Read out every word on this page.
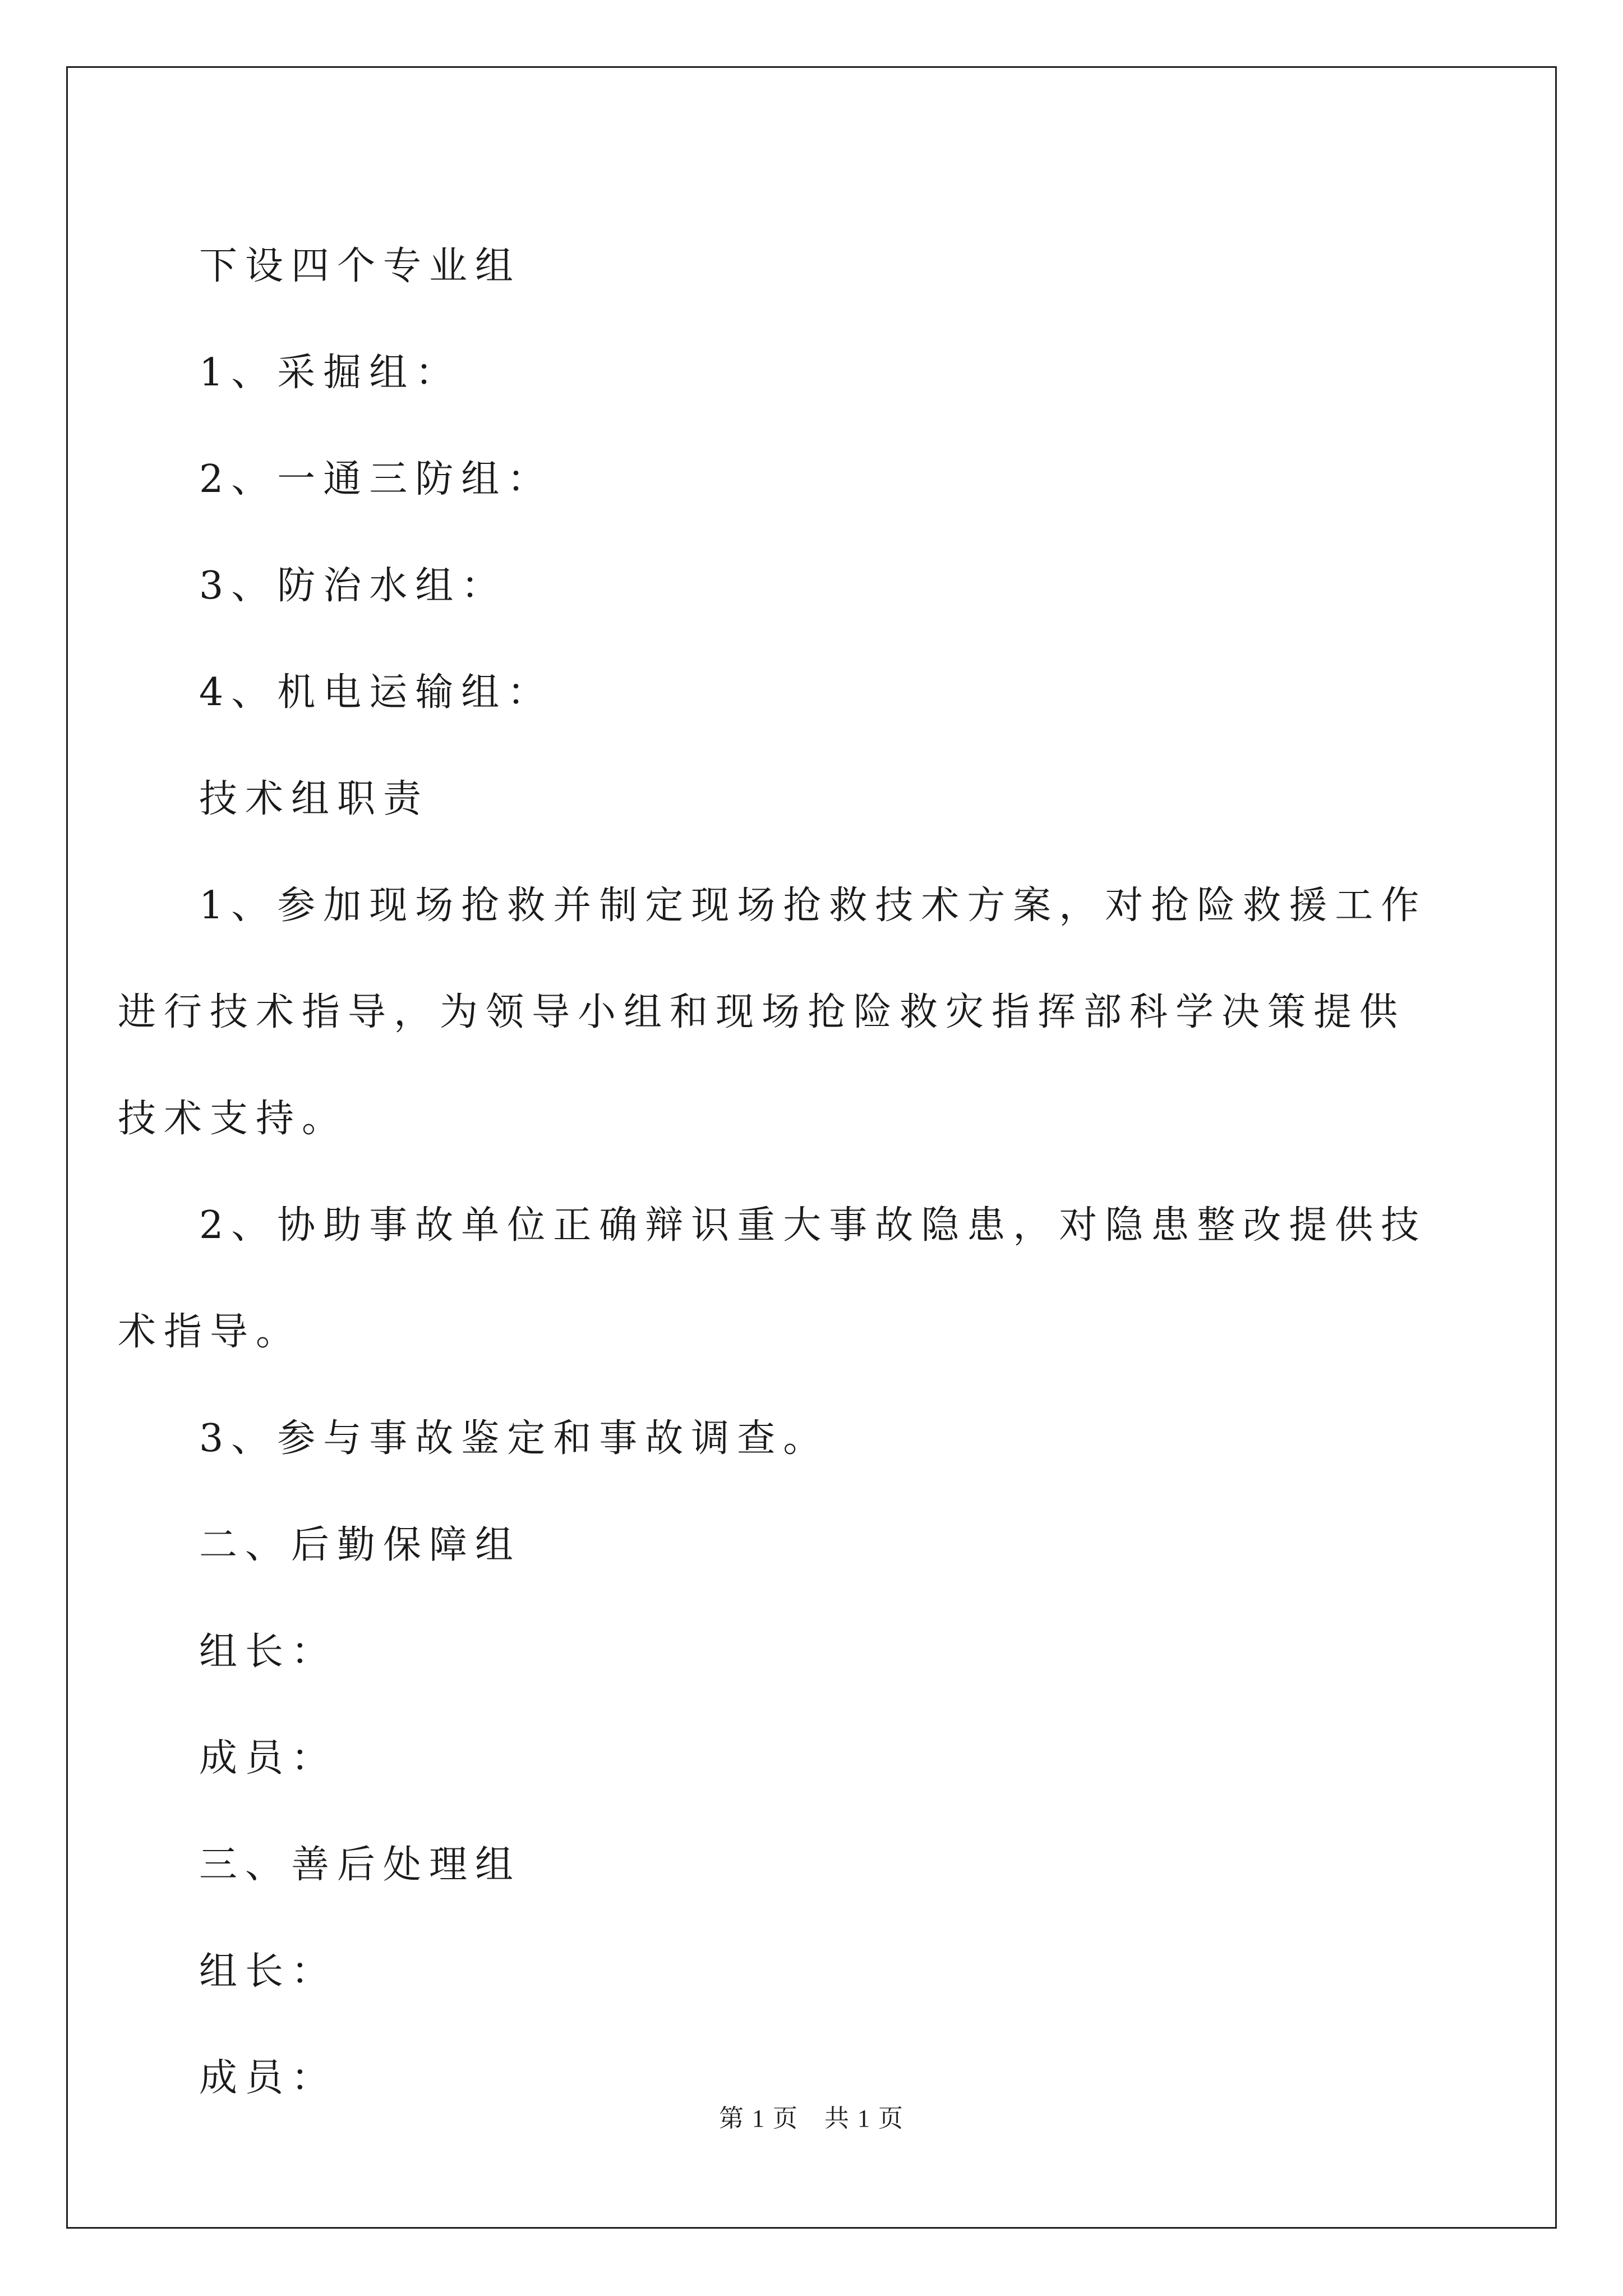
下设四个专业组

1、采掘组：

2、一通三防组：

3、防治水组：

4、机电运输组：

技术组职责

1、参加现场抢救并制定现场抢救技术方案，对抢险救援工作进行技术指导，为领导小组和现场抢险救灾指挥部科学决策提供技术支持。

2、协助事故单位正确辩识重大事故隐患，对隐患整改提供技术指导。

3、参与事故鉴定和事故调查。

二、后勤保障组

组长：

成员：

三、善后处理组

组长：

成员：

第 1 页　共 1 页
